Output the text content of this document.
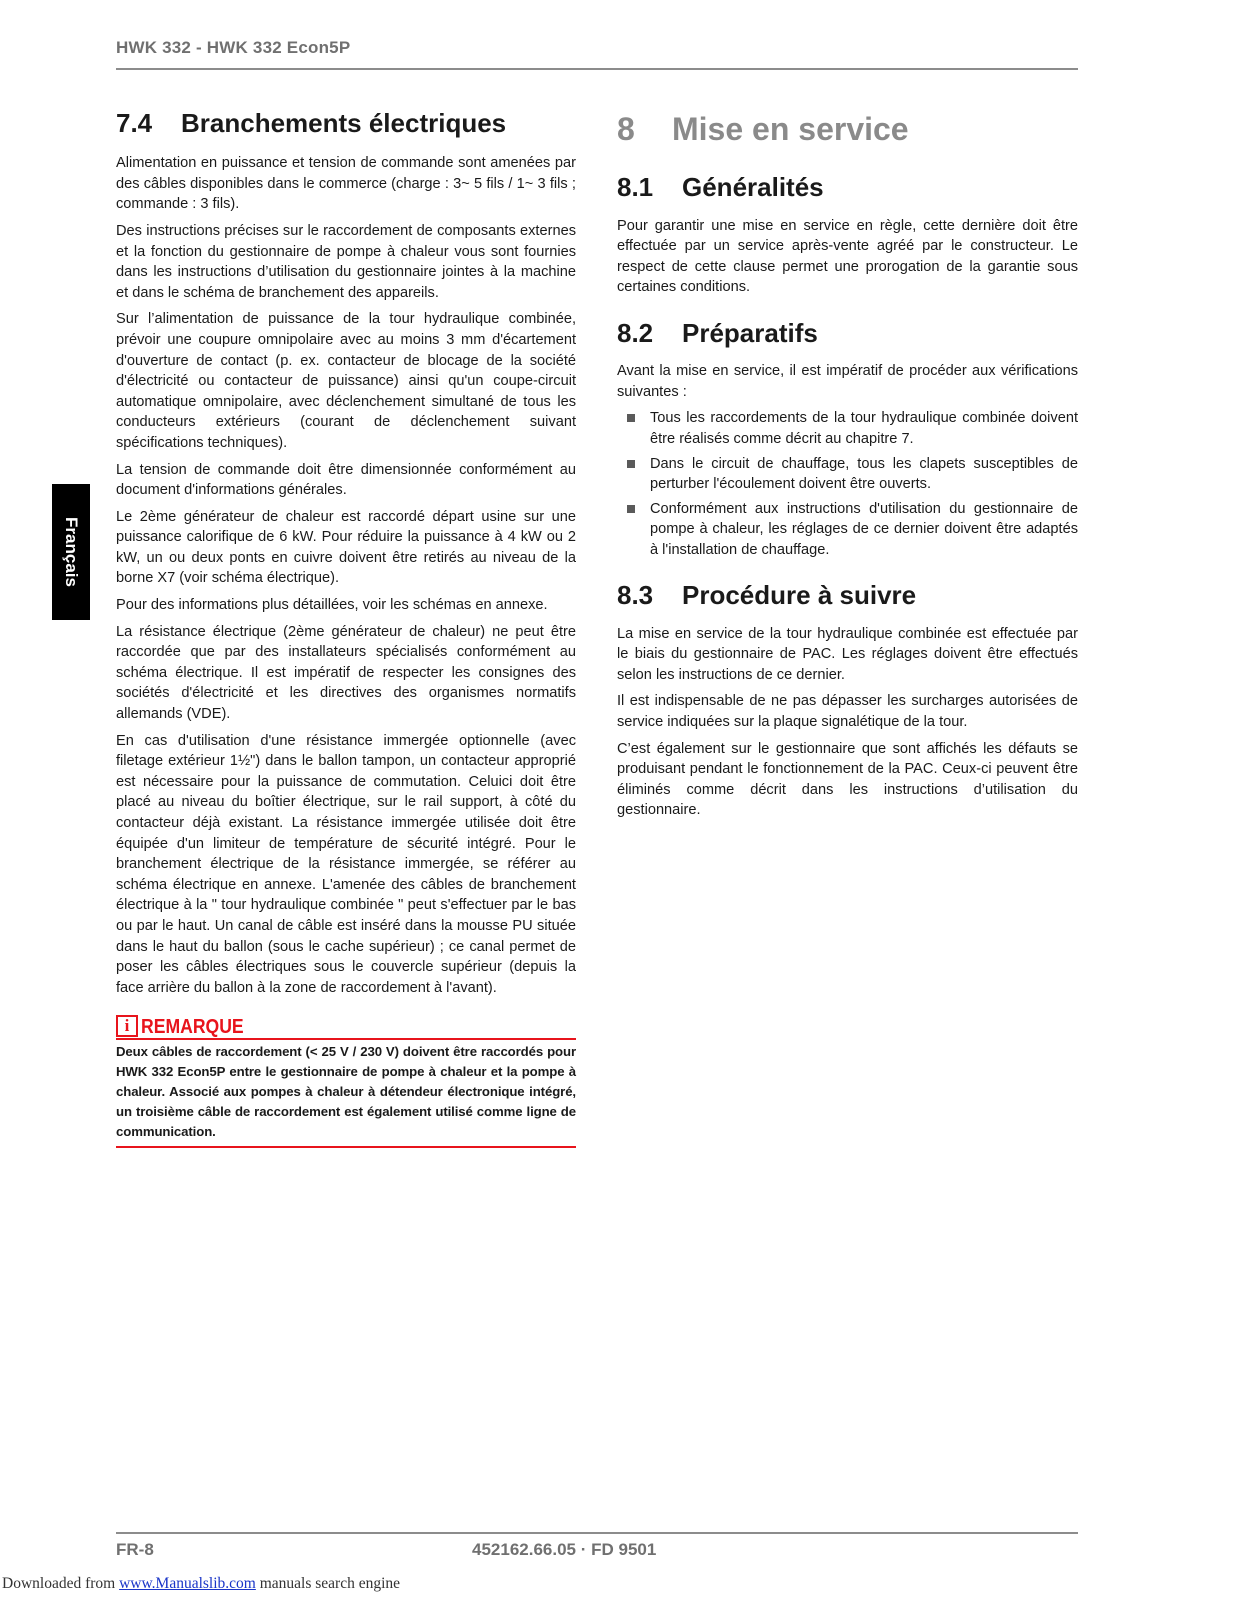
HWK 332 - HWK 332 Econ5P
Français
7.4 Branchements électriques

Alimentation en puissance et tension de commande sont amenées par des câbles disponibles dans le commerce (charge : 3~ 5 fils / 1~ 3 fils ; commande : 3 fils).

Des instructions précises sur le raccordement de composants externes et la fonction du gestionnaire de pompe à chaleur vous sont fournies dans les instructions d’utilisation du gestionnaire jointes à la machine et dans le schéma de branchement des appareils.

Sur l’alimentation de puissance de la tour hydraulique combinée, prévoir une coupure omnipolaire avec au moins 3 mm d'écartement d'ouverture de contact (p. ex. contacteur de blocage de la société d'électricité ou contacteur de puissance) ainsi qu'un coupe-circuit automatique omnipolaire, avec déclenchement simultané de tous les conducteurs extérieurs (courant de déclenchement suivant spécifications techniques).

La tension de commande doit être dimensionnée conformément au document d'informations générales.

Le 2ème générateur de chaleur est raccordé départ usine sur une puissance calorifique de 6 kW. Pour réduire la puissance à 4 kW ou 2 kW, un ou deux ponts en cuivre doivent être retirés au niveau de la borne X7 (voir schéma électrique).

Pour des informations plus détaillées, voir les schémas en annexe.

La résistance électrique (2ème générateur de chaleur) ne peut être raccordée que par des installateurs spécialisés conformément au schéma électrique. Il est impératif de respecter les consignes des sociétés d'électricité et les directives des organismes normatifs allemands (VDE).

En cas d'utilisation d'une résistance immergée optionnelle (avec filetage extérieur 1½") dans le ballon tampon, un contacteur approprié est nécessaire pour la puissance de commutation. Celuici doit être placé au niveau du boîtier électrique, sur le rail support, à côté du contacteur déjà existant. La résistance immergée utilisée doit être équipée d'un limiteur de température de sécurité intégré. Pour le branchement électrique de la résistance immergée, se référer au schéma électrique en annexe. L'amenée des câbles de branchement électrique à la " tour hydraulique combinée " peut s'effectuer par le bas ou par le haut. Un canal de câble est inséré dans la mousse PU située dans le haut du ballon (sous le cache supérieur) ; ce canal permet de poser les câbles électriques sous le couvercle supérieur (depuis la face arrière du ballon à la zone de raccordement à l'avant).

i REMARQUE
Deux câbles de raccordement (< 25 V / 230 V) doivent être raccordés pour HWK 332 Econ5P entre le gestionnaire de pompe à chaleur et la pompe à chaleur. Associé aux pompes à chaleur à détendeur électronique intégré, un troisième câble de raccordement est également utilisé comme ligne de communication.
8 Mise en service
8.1 Généralités

Pour garantir une mise en service en règle, cette dernière doit être effectuée par un service après-vente agréé par le constructeur. Le respect de cette clause permet une prorogation de la garantie sous certaines conditions.

8.2 Préparatifs

Avant la mise en service, il est impératif de procéder aux vérifications suivantes :

Tous les raccordements de la tour hydraulique combinée doivent être réalisés comme décrit au chapitre 7.
Dans le circuit de chauffage, tous les clapets susceptibles de perturber l'écoulement doivent être ouverts.
Conformément aux instructions d'utilisation du gestionnaire de pompe à chaleur, les réglages de ce dernier doivent être adaptés à l'installation de chauffage.
8.3 Procédure à suivre

La mise en service de la tour hydraulique combinée est effectuée par le biais du gestionnaire de PAC. Les réglages doivent être effectués selon les instructions de ce dernier.

Il est indispensable de ne pas dépasser les surcharges autorisées de service indiquées sur la plaque signalétique de la tour.

C’est également sur le gestionnaire que sont affichés les défauts se produisant pendant le fonctionnement de la PAC. Ceux-ci peuvent être éliminés comme décrit dans les instructions d’utilisation du gestionnaire.

FR-8	452162.66.05 · FD 9501
Downloaded from www.Manualslib.com manuals search engine
